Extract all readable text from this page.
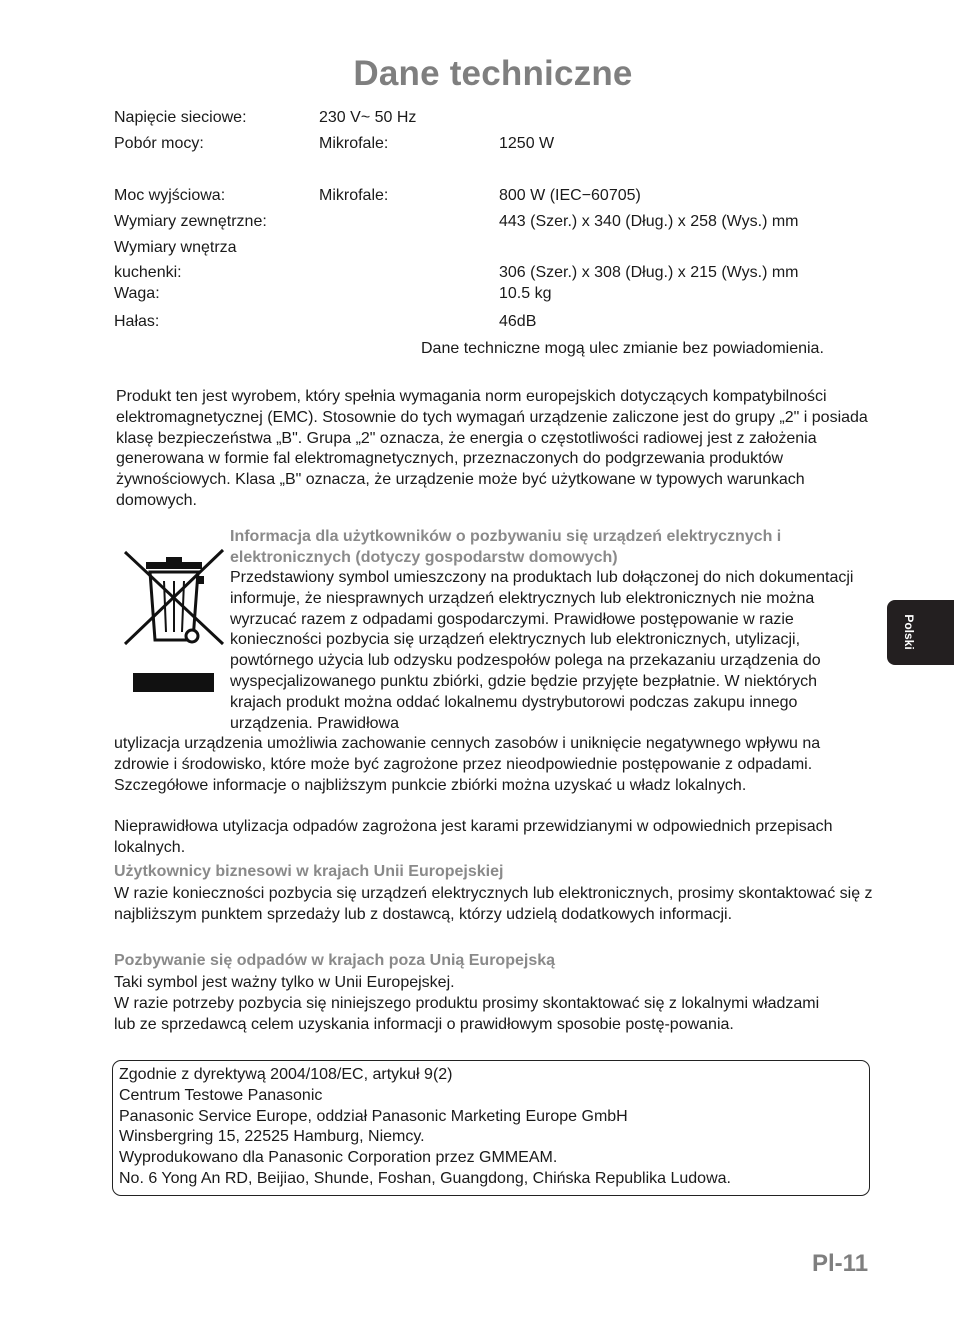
Dane techniczne
Napięcie sieciowe:	230 V~ 50 Hz
Pobór mocy:	Mikrofale:	1250 W
Moc wyjściowa:	Mikrofale:	800 W (IEC−60705)
Wymiary zewnętrzne:	443 (Szer.) x 340 (Dług.) x 258 (Wys.) mm
Wymiary wnętrza
kuchenki:	306 (Szer.) x 308 (Dług.) x 215 (Wys.) mm
Waga:	10.5 kg
Hałas:	46dB
Dane techniczne mogą ulec zmianie bez powiadomienia.
Produkt ten jest wyrobem, który spełnia wymagania norm europejskich dotyczących kompatybilności elektromagnetycznej (EMC). Stosownie do tych wymagań urządzenie zaliczone jest do grupy „2" i posiada klasę bezpieczeństwa „B". Grupa „2" oznacza, że energia o częstotliwości radiowej jest z założenia generowana w formie fal elektromagnetycznych, przeznaczonych do podgrzewania produktów żywnościowych. Klasa „B" oznacza, że urządzenie może być użytkowane w typowych warunkach domowych.
Informacja dla użytkowników o pozbywaniu się urządzeń elektrycznych i elektronicznych (dotyczy gospodarstw domowych)
Przedstawiony symbol umieszczony na produktach lub dołączonej do nich dokumentacji informuje, że niesprawnych urządzeń elektrycznych lub elektronicznych nie można wyrzucać razem z odpadami gospodarczymi. Prawidłowe postępowanie w razie konieczności pozbycia się urządzeń elektrycznych lub elektronicznych, utylizacji, powtórnego użycia lub odzysku podzespołów polega na przekazaniu urządzenia do wyspecjalizowanego punktu zbiórki, gdzie będzie przyjęte bezpłatnie. W niektórych krajach produkt można oddać lokalnemu dystrybutorowi podczas zakupu innego urządzenia. Prawidłowa
utylizacja urządzenia umożliwia zachowanie cennych zasobów i uniknięcie negatywnego wpływu na zdrowie i środowisko, które może być zagrożone przez nieodpowiednie postępowanie z odpadami. Szczegółowe informacje o najbliższym punkcie zbiórki można uzyskać u władz lokalnych.
Nieprawidłowa utylizacja odpadów zagrożona jest karami przewidzianymi w odpowiednich przepisach lokalnych.
Użytkownicy biznesowi w krajach Unii Europejskiej
W razie konieczności pozbycia się urządzeń elektrycznych lub elektronicznych, prosimy skontaktować się z najbliższym punktem sprzedaży lub z dostawcą, którzy udzielą dodatkowych informacji.
Pozbywanie się odpadów w krajach poza Unią Europejską
Taki symbol jest ważny tylko w Unii Europejskej.
W razie potrzeby pozbycia się niniejszego produktu prosimy skontaktować się z lokalnymi władzami lub ze sprzedawcą celem uzyskania informacji o prawidłowym sposobie postę-powania.
Zgodnie z dyrektywą 2004/108/EC, artykuł 9(2)
Centrum Testowe Panasonic
Panasonic Service Europe, oddział Panasonic Marketing Europe GmbH
Winsbergring 15, 22525 Hamburg, Niemcy.
Wyprodukowano dla Panasonic Corporation przez GMMEAM.
No. 6 Yong An RD, Beijiao, Shunde, Foshan, Guangdong, Chińska Republika Ludowa.
Polski
Pl-11
